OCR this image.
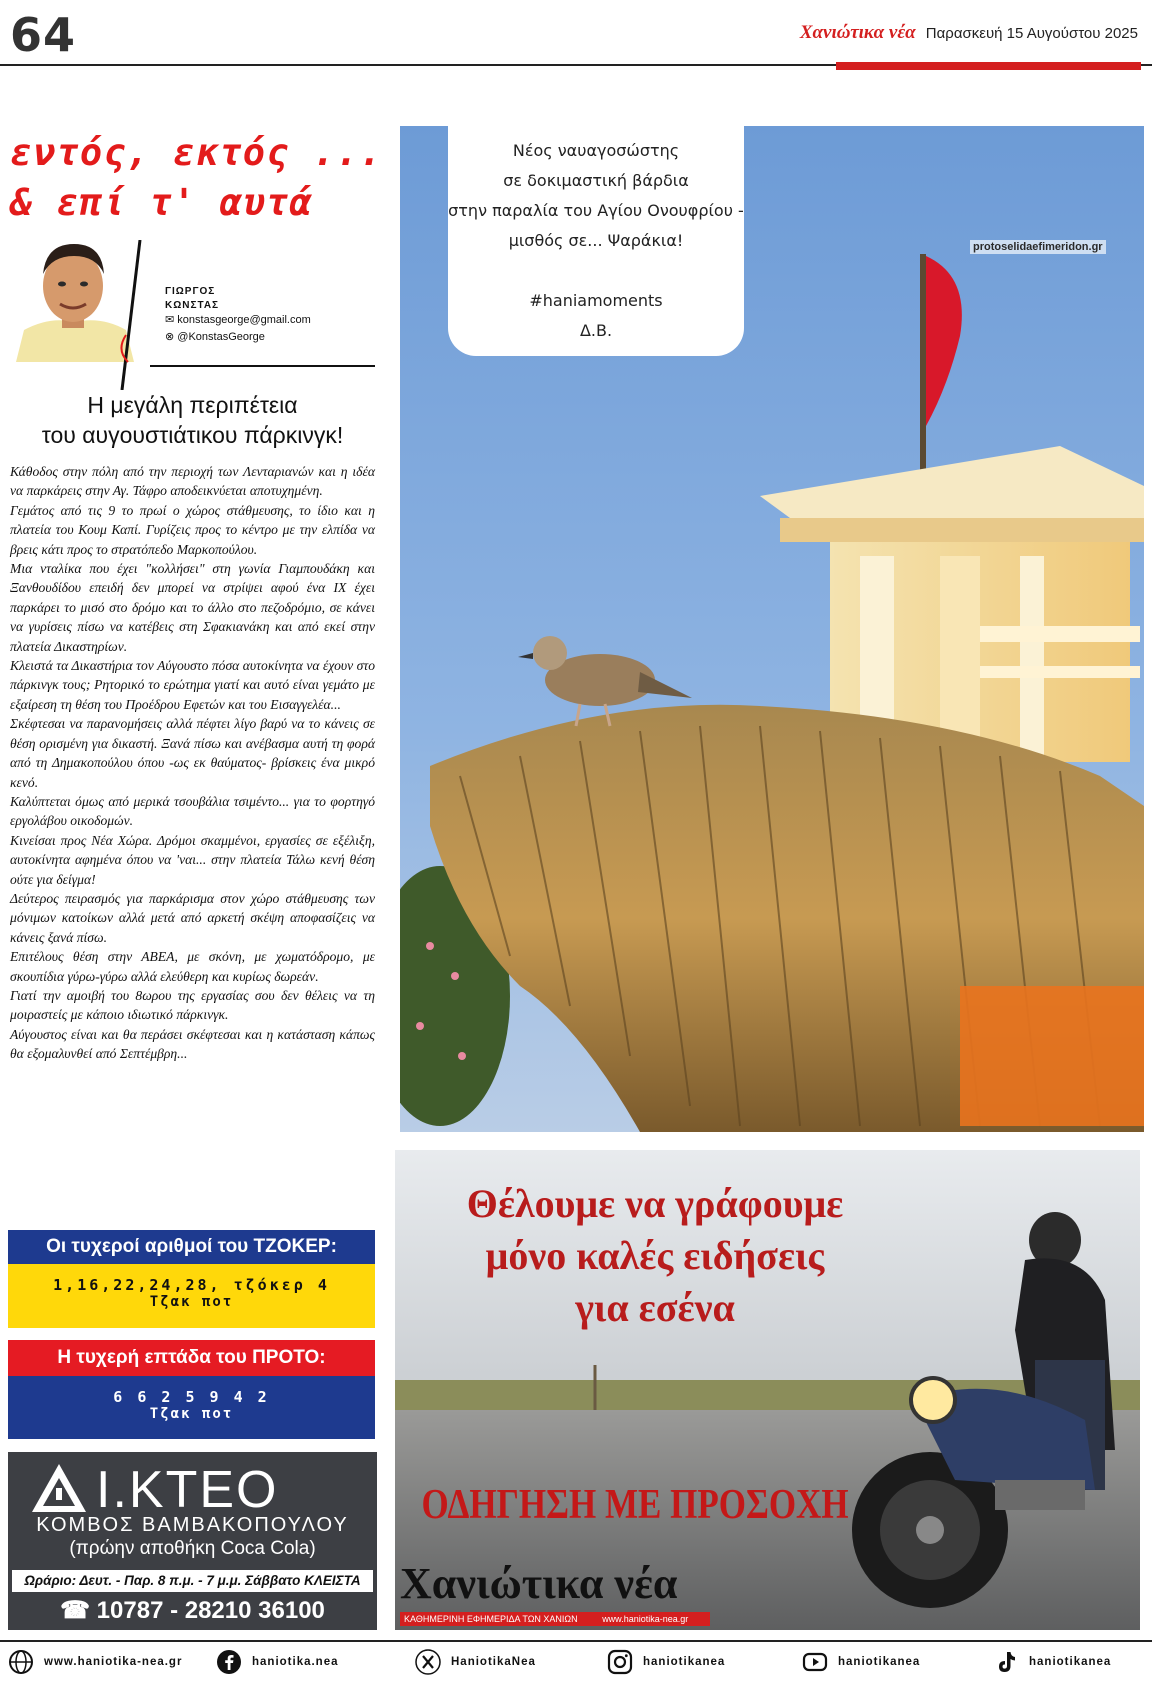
64	Χανιώτικα νέα Παρασκευή 15 Αυγούστου 2025
εντός, εκτός ...
& επί τ' αυτά
ΓΙΩΡΓΟΣ
ΚΩΝΣΤΑΣ
✉ konstasgeorge@gmail.com
⊗ @KonstasGeorge
Η μεγάλη περιπέτεια
του αυγουστιάτικου πάρκινγκ!

Κάθοδος στην πόλη από την περιοχή των Λενταριανών και η ιδέα να παρκάρεις στην Αγ. Τάφρο αποδεικνύεται αποτυχημένη.

Γεμάτος από τις 9 το πρωί ο χώρος στάθμευσης, το ίδιο και η πλατεία του Κουμ Καπί. Γυρίζεις προς το κέντρο με την ελπίδα να βρεις κάτι προς το στρατόπεδο Μαρκοπούλου.

Μια νταλίκα που έχει "κολλήσει" στη γωνία Γιαμπουδάκη και Ξανθουδίδου επειδή δεν μπορεί να στρίψει αφού ένα ΙΧ έχει παρκάρει το μισό στο δρόμο και το άλλο στο πεζοδρόμιο, σε κάνει να γυρίσεις πίσω να κατέβεις στη Σφακιανάκη και από εκεί στην πλατεία Δικαστηρίων.

Κλειστά τα Δικαστήρια τον Αύγουστο πόσα αυτοκίνητα να έχουν στο πάρκινγκ τους; Ρητορικό το ερώτημα γιατί και αυτό είναι γεμάτο με εξαίρεση τη θέση του Προέδρου Εφετών και του Εισαγγελέα...

Σκέφτεσαι να παρανομήσεις αλλά πέφτει λίγο βαρύ να το κάνεις σε θέση ορισμένη για δικαστή. Ξανά πίσω και ανέβασμα αυτή τη φορά από τη Δημακοπούλου όπου -ως εκ θαύματος- βρίσκεις ένα μικρό κενό.

Καλύπτεται όμως από μερικά τσουβάλια τσιμέντο... για το φορτηγό εργολάβου οικοδομών.

Κινείσαι προς Νέα Χώρα. Δρόμοι σκαμμένοι, εργασίες σε εξέλιξη, αυτοκίνητα αφημένα όπου να 'ναι... στην πλατεία Τάλω κενή θέση ούτε για δείγμα!

Δεύτερος πειρασμός για παρκάρισμα στον χώρο στάθμευσης των μόνιμων κατοίκων αλλά μετά από αρκετή σκέψη αποφασίζεις να κάνεις ξανά πίσω.

Επιτέλους θέση στην ΑΒΕΑ, με σκόνη, με χωματόδρομο, με σκουπίδια γύρω-γύρω αλλά ελεύθερη και κυρίως δωρεάν.

Γιατί την αμοιβή του 8ωρου της εργασίας σου δεν θέλεις να τη μοιραστείς με κάποιο ιδιωτικό πάρκινγκ.

Αύγουστος είναι και θα περάσει σκέφτεσαι και η κατάσταση κάπως θα εξομαλυνθεί από Σεπτέμβρη...

Οι τυχεροί αριθμοί του ΤΖΟΚΕΡ:
1,16,22,24,28, τζόκερ 4
Τζακ ποτ
Η τυχερή επτάδα του ΠΡΟΤΟ:
6 6 2 5 9 4 2
Τζακ ποτ
Δ Ι.ΚΤΕΟ
ΚΟΜΒΟΣ ΒΑΜΒΑΚΟΠΟΥΛΟΥ
(πρώην αποθήκη Coca Cola)
Ωράριο: Δευτ. - Παρ. 8 π.μ. - 7 μ.μ. Σάββατο ΚΛΕΙΣΤΑ
☎ 10787 - 28210 36100
Νέος ναυαγοσώστης
σε δοκιμαστική βάρδια
στην παραλία του Αγίου Ονουφρίου -
μισθός σε... Ψαράκια!
#haniamoments
Δ.Β.
protoselidaefimeridon.gr
Θέλουμε να γράφουμε
μόνο καλές ειδήσεις
για εσένα
ΟΔΗΓΗΣΗ ΜΕ ΠΡΟΣΟΧΗ
Χανιώτικα νέα
ΚΑΘΗΜΕΡΙΝΗ ΕΦΗΜΕΡΙΔΑ ΤΩΝ ΧΑΝΙΩΝ	www.haniotika-nea.gr
www.haniotika-nea.gr	haniotika.nea	HaniotikaNea	haniotikanea	haniotikanea	haniotikanea
